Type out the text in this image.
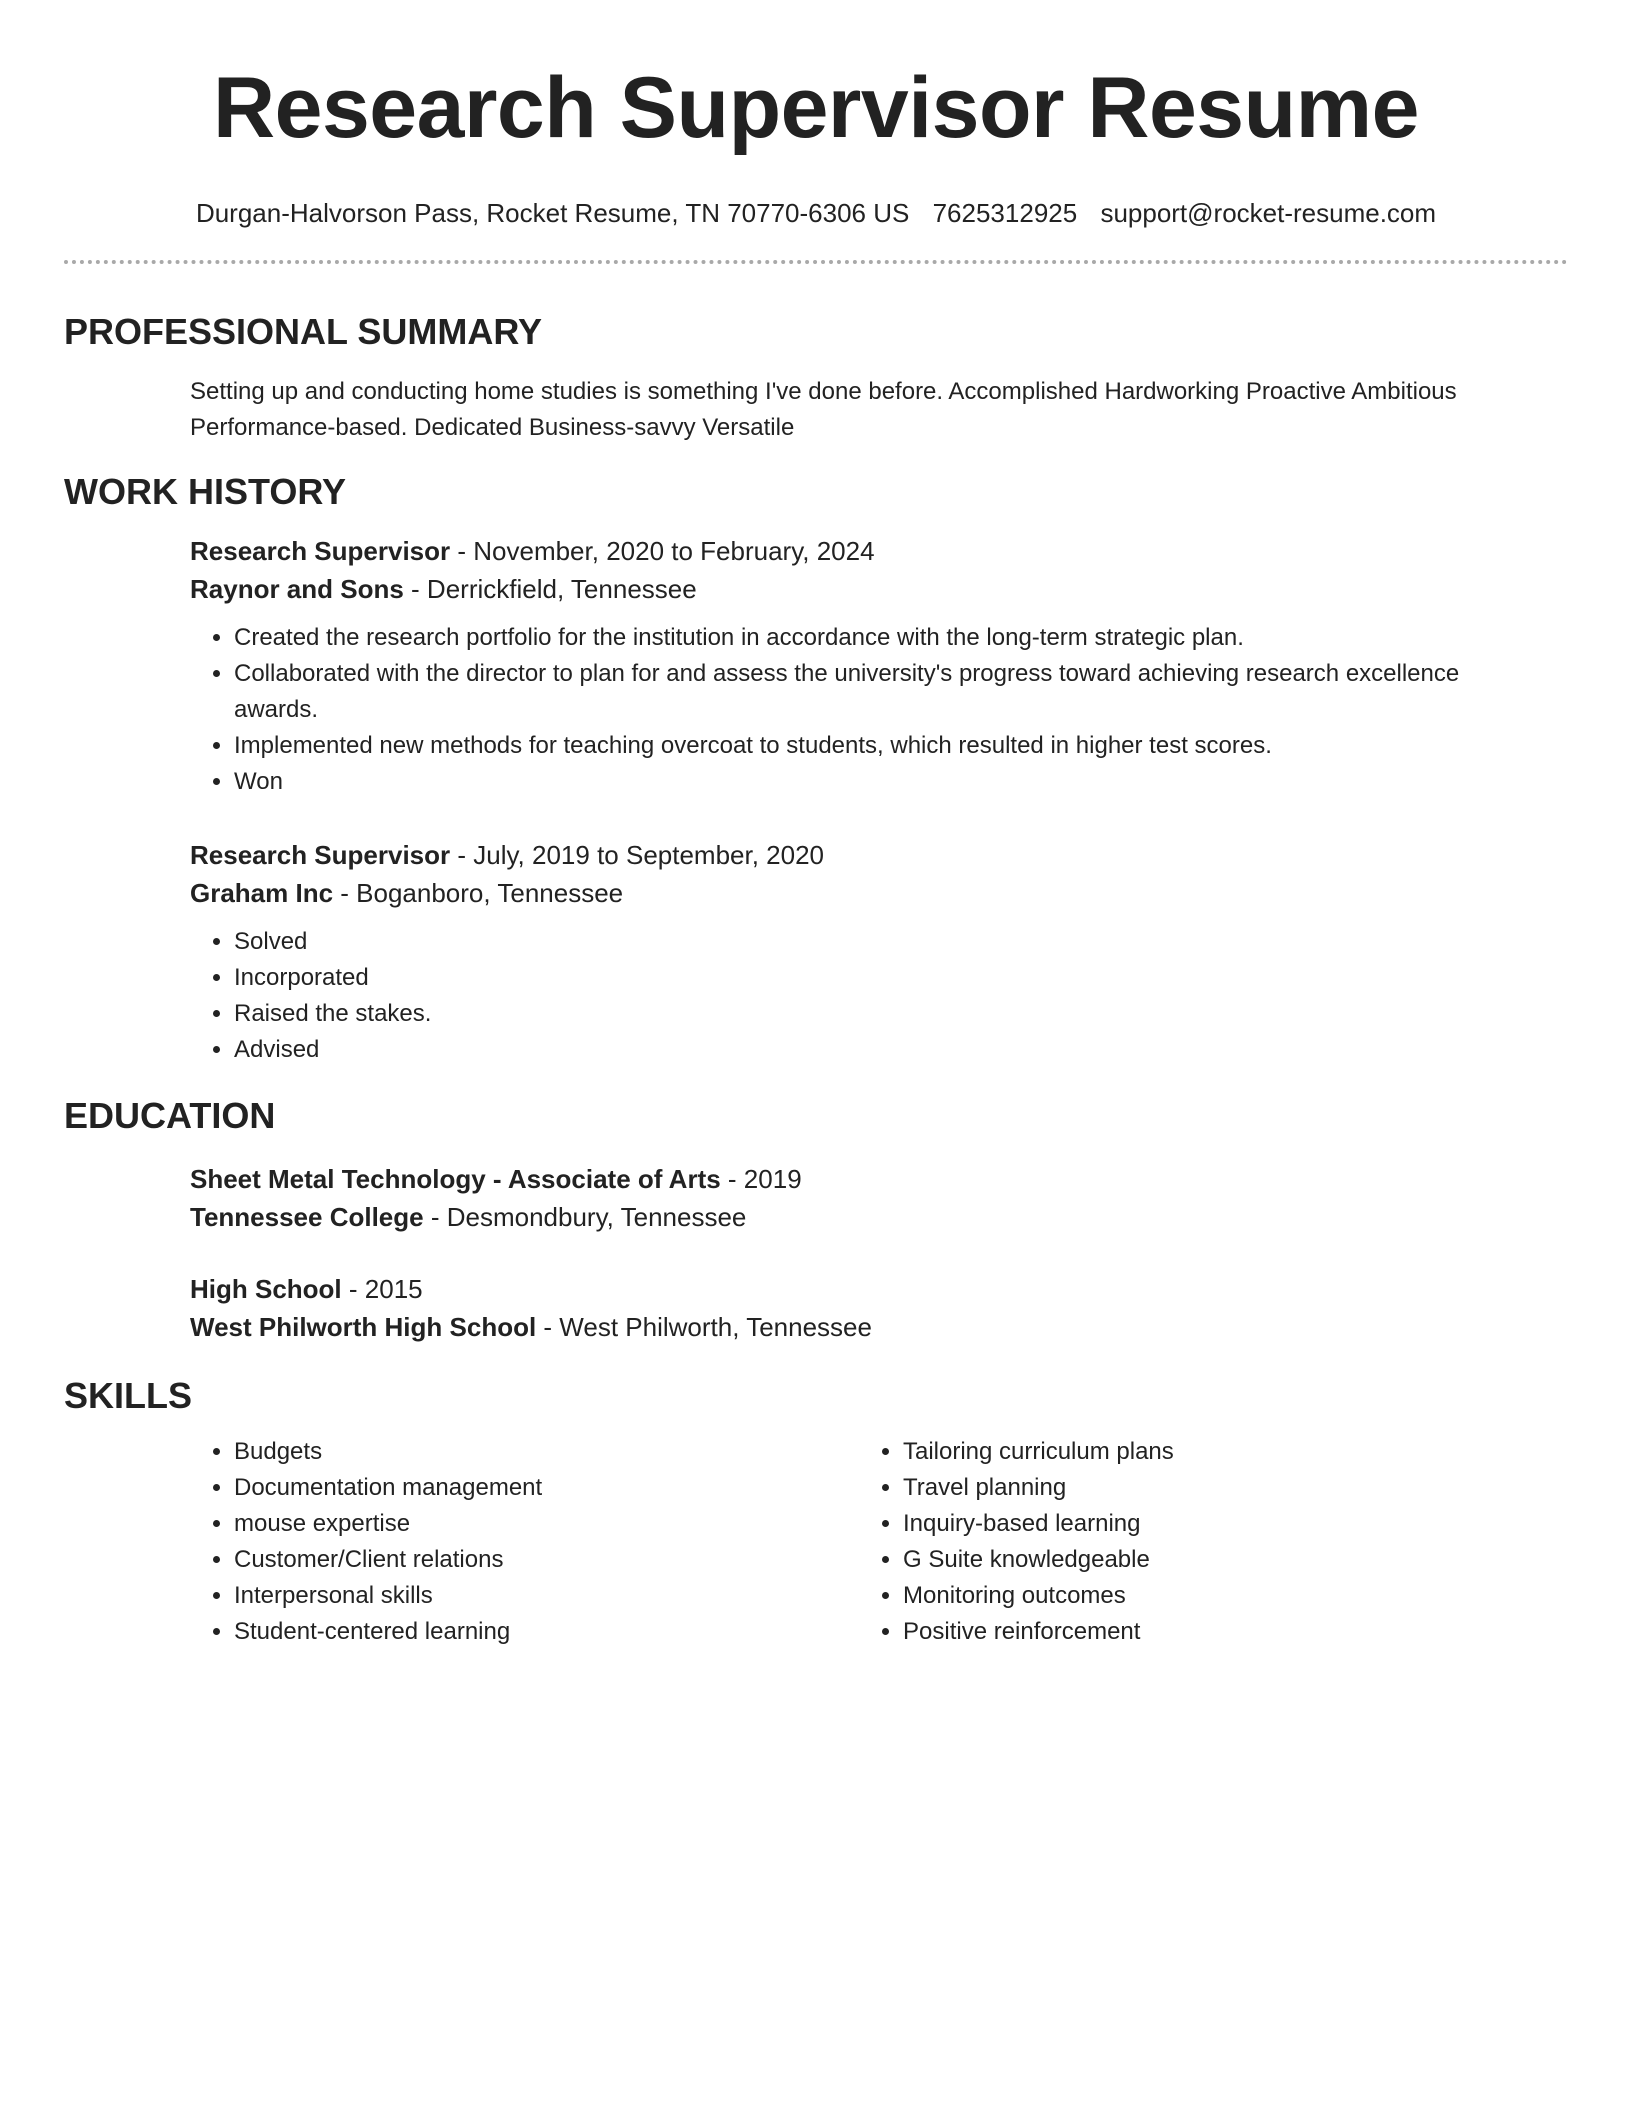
Research Supervisor Resume
Durgan-Halvorson Pass, Rocket Resume, TN 70770-6306 US 7625312925 support@rocket-resume.com
PROFESSIONAL SUMMARY
Setting up and conducting home studies is something I've done before. Accomplished Hardworking Proactive Ambitious Performance-based. Dedicated Business-savvy Versatile
WORK HISTORY
Research Supervisor - November, 2020 to February, 2024
Raynor and Sons - Derrickfield, Tennessee
• Created the research portfolio for the institution in accordance with the long-term strategic plan.
• Collaborated with the director to plan for and assess the university's progress toward achieving research excellence awards.
• Implemented new methods for teaching overcoat to students, which resulted in higher test scores.
• Won
Research Supervisor - July, 2019 to September, 2020
Graham Inc - Boganboro, Tennessee
• Solved
• Incorporated
• Raised the stakes.
• Advised
EDUCATION
Sheet Metal Technology - Associate of Arts - 2019
Tennessee College - Desmondbury, Tennessee
High School - 2015
West Philworth High School - West Philworth, Tennessee
SKILLS
• Budgets
• Documentation management
• mouse expertise
• Customer/Client relations
• Interpersonal skills
• Student-centered learning
• Tailoring curriculum plans
• Travel planning
• Inquiry-based learning
• G Suite knowledgeable
• Monitoring outcomes
• Positive reinforcement
